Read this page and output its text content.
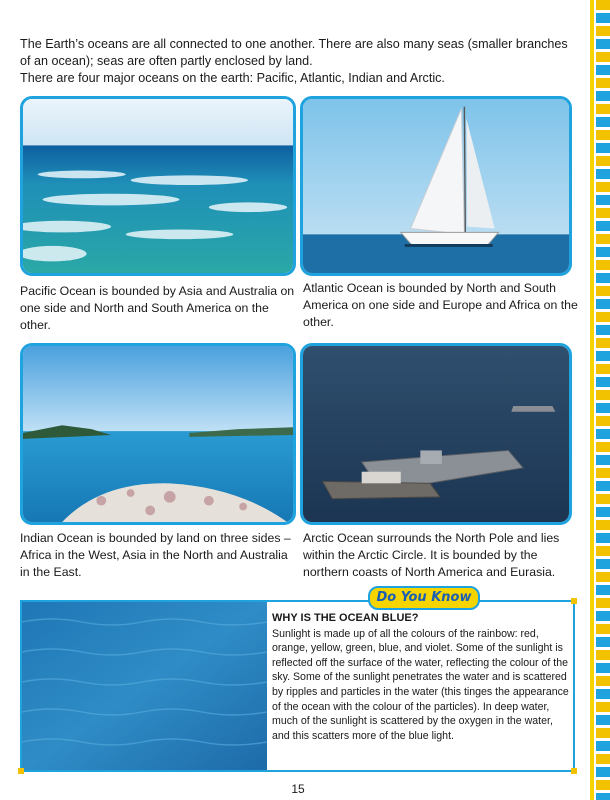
The Earth’s oceans are all connected to one another. There are also many seas (smaller branches of an ocean); seas are often partly enclosed by land.

There are four major oceans on the earth: Pacific, Atlantic, Indian and Arctic.

Pacific Ocean is bounded by Asia and Australia on one side and North and South America on the other.
Atlantic Ocean is bounded by North and South America on one side and Europe and Africa on the other.
Indian Ocean is bounded by land on three sides – Africa in the West, Asia in the North and Australia in the East.
Arctic Ocean surrounds the North Pole and lies within the Arctic Circle. It is bounded by the northern coasts of North America and Eurasia.
Do You Know
WHY IS THE OCEAN BLUE?
Sunlight is made up of all the colours of the rainbow: red, orange, yellow, green, blue, and violet. Some of the sunlight is reflected off the surface of the water, reflecting the colour of the sky. Some of the sunlight penetrates the water and is scattered by ripples and particles in the water (this tinges the appearance of the ocean with the colour of the particles). In deep water, much of the sunlight is scattered by the oxygen in the water, and this scatters more of the blue light.
15
